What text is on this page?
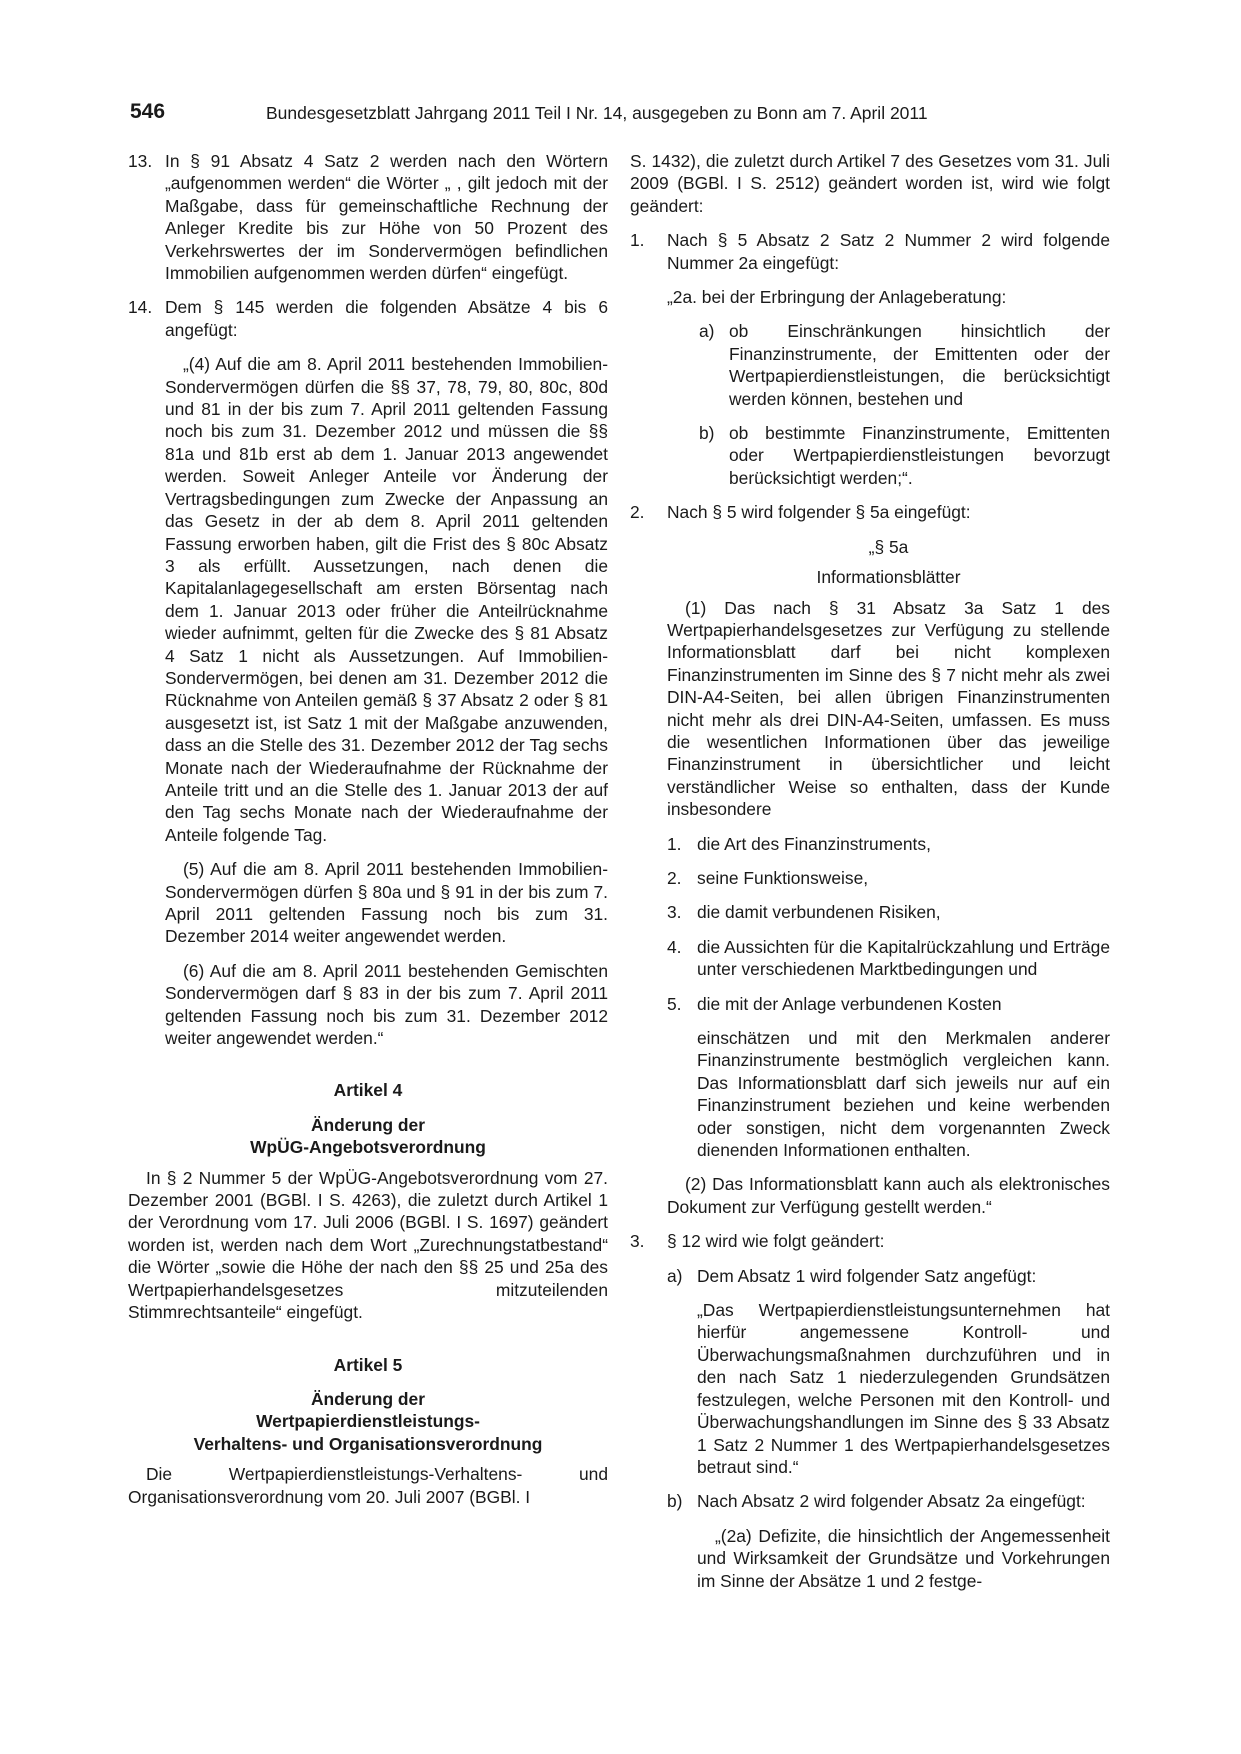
546	Bundesgesetzblatt Jahrgang 2011 Teil I Nr. 14, ausgegeben zu Bonn am 7. April 2011
13. In § 91 Absatz 4 Satz 2 werden nach den Wörtern „aufgenommen werden“ die Wörter „ , gilt jedoch mit der Maßgabe, dass für gemeinschaftliche Rechnung der Anleger Kredite bis zur Höhe von 50 Prozent des Verkehrswertes der im Sondervermögen befindlichen Immobilien aufgenommen werden dürfen“ eingefügt.

14. Dem § 145 werden die folgenden Absätze 4 bis 6 angefügt:

„(4) Auf die am 8. April 2011 bestehenden Immobilien-Sondervermögen dürfen die §§ 37, 78, 79, 80, 80c, 80d und 81 in der bis zum 7. April 2011 geltenden Fassung noch bis zum 31. Dezember 2012 und müssen die §§ 81a und 81b erst ab dem 1. Januar 2013 angewendet werden. Soweit Anleger Anteile vor Änderung der Vertragsbedingungen zum Zwecke der Anpassung an das Gesetz in der ab dem 8. April 2011 geltenden Fassung erworben haben, gilt die Frist des § 80c Absatz 3 als erfüllt. Aussetzungen, nach denen die Kapitalanlagegesellschaft am ersten Börsentag nach dem 1. Januar 2013 oder früher die Anteilrücknahme wieder aufnimmt, gelten für die Zwecke des § 81 Absatz 4 Satz 1 nicht als Aussetzungen. Auf Immobilien-Sondervermögen, bei denen am 31. Dezember 2012 die Rücknahme von Anteilen gemäß § 37 Absatz 2 oder § 81 ausgesetzt ist, ist Satz 1 mit der Maßgabe anzuwenden, dass an die Stelle des 31. Dezember 2012 der Tag sechs Monate nach der Wiederaufnahme der Rücknahme der Anteile tritt und an die Stelle des 1. Januar 2013 der auf den Tag sechs Monate nach der Wiederaufnahme der Anteile folgende Tag.

(5) Auf die am 8. April 2011 bestehenden Immobilien-Sondervermögen dürfen § 80a und § 91 in der bis zum 7. April 2011 geltenden Fassung noch bis zum 31. Dezember 2014 weiter angewendet werden.

(6) Auf die am 8. April 2011 bestehenden Gemischten Sondervermögen darf § 83 in der bis zum 7. April 2011 geltenden Fassung noch bis zum 31. Dezember 2012 weiter angewendet werden.“

Artikel 4
Änderung der
WpÜG-Angebotsverordnung

In § 2 Nummer 5 der WpÜG-Angebotsverordnung vom 27. Dezember 2001 (BGBl. I S. 4263), die zuletzt durch Artikel 1 der Verordnung vom 17. Juli 2006 (BGBl. I S. 1697) geändert worden ist, werden nach dem Wort „Zurechnungstatbestand“ die Wörter „sowie die Höhe der nach den §§ 25 und 25a des Wertpapierhandelsgesetzes mitzuteilenden Stimmrechtsanteile“ eingefügt.

Artikel 5
Änderung der
Wertpapierdienstleistungs-
Verhaltens- und Organisationsverordnung

Die Wertpapierdienstleistungs-Verhaltens- und Organisationsverordnung vom 20. Juli 2007 (BGBl. I

S. 1432), die zuletzt durch Artikel 7 des Gesetzes vom 31. Juli 2009 (BGBl. I S. 2512) geändert worden ist, wird wie folgt geändert:

1. Nach § 5 Absatz 2 Satz 2 Nummer 2 wird folgende Nummer 2a eingefügt:

„2a. bei der Erbringung der Anlageberatung:

a) ob Einschränkungen hinsichtlich der Finanzinstrumente, der Emittenten oder der Wertpapierdienstleistungen, die berücksichtigt werden können, bestehen und

b) ob bestimmte Finanzinstrumente, Emittenten oder Wertpapierdienstleistungen bevorzugt berücksichtigt werden;“.

2. Nach § 5 wird folgender § 5a eingefügt:

„§ 5a

Informationsblätter

(1) Das nach § 31 Absatz 3a Satz 1 des Wertpapierhandelsgesetzes zur Verfügung zu stellende Informationsblatt darf bei nicht komplexen Finanzinstrumenten im Sinne des § 7 nicht mehr als zwei DIN-A4-Seiten, bei allen übrigen Finanzinstrumenten nicht mehr als drei DIN-A4-Seiten, umfassen. Es muss die wesentlichen Informationen über das jeweilige Finanzinstrument in übersichtlicher und leicht verständlicher Weise so enthalten, dass der Kunde insbesondere

1. die Art des Finanzinstruments,

2. seine Funktionsweise,

3. die damit verbundenen Risiken,

4. die Aussichten für die Kapitalrückzahlung und Erträge unter verschiedenen Marktbedingungen und

5. die mit der Anlage verbundenen Kosten

einschätzen und mit den Merkmalen anderer Finanzinstrumente bestmöglich vergleichen kann. Das Informationsblatt darf sich jeweils nur auf ein Finanzinstrument beziehen und keine werbenden oder sonstigen, nicht dem vorgenannten Zweck dienenden Informationen enthalten.

(2) Das Informationsblatt kann auch als elektronisches Dokument zur Verfügung gestellt werden.“

3. § 12 wird wie folgt geändert:

a) Dem Absatz 1 wird folgender Satz angefügt:

„Das Wertpapierdienstleistungsunternehmen hat hierfür angemessene Kontroll- und Überwachungsmaßnahmen durchzuführen und in den nach Satz 1 niederzulegenden Grundsätzen festzulegen, welche Personen mit den Kontroll- und Überwachungshandlungen im Sinne des § 33 Absatz 1 Satz 2 Nummer 1 des Wertpapierhandelsgesetzes betraut sind.“

b) Nach Absatz 2 wird folgender Absatz 2a eingefügt:

„(2a) Defizite, die hinsichtlich der Angemessenheit und Wirksamkeit der Grundsätze und Vorkehrungen im Sinne der Absätze 1 und 2 festge-
